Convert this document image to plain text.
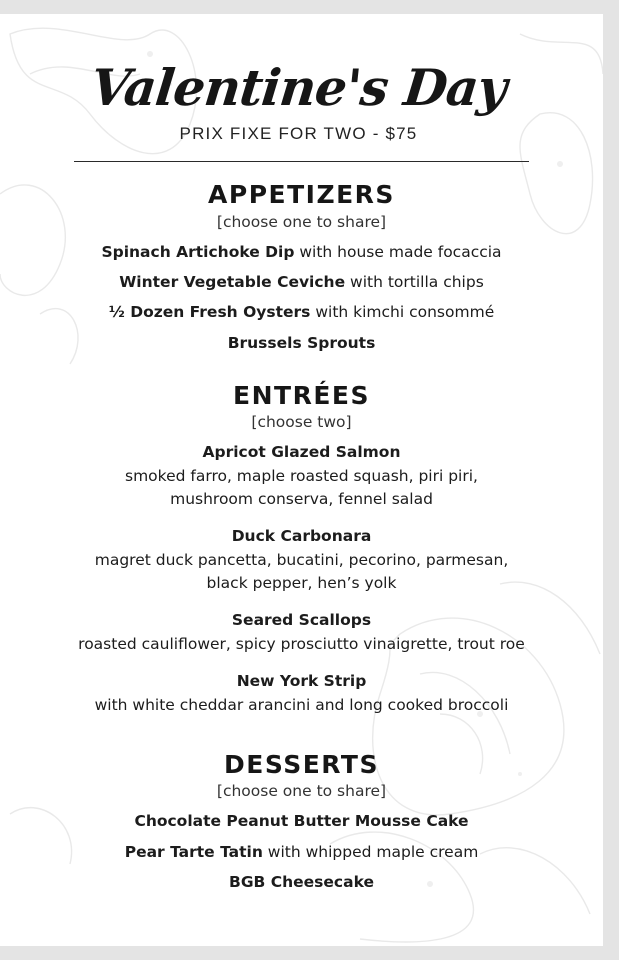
Valentine's Day
PRIX FIXE FOR TWO - $75
APPETIZERS
[choose one to share]
Spinach Artichoke Dip with house made focaccia
Winter Vegetable Ceviche with tortilla chips
½ Dozen Fresh Oysters with kimchi consommé
Brussels Sprouts
ENTRÉES
[choose two]
Apricot Glazed Salmon
smoked farro, maple roasted squash, piri piri,
mushroom conserva, fennel salad
Duck Carbonara
magret duck pancetta, bucatini, pecorino, parmesan,
black pepper, hen’s yolk
Seared Scallops
roasted cauliflower, spicy prosciutto vinaigrette, trout roe
New York Strip
with white cheddar arancini and long cooked broccoli
DESSERTS
[choose one to share]
Chocolate Peanut Butter Mousse Cake
Pear Tarte Tatin with whipped maple cream
BGB Cheesecake
